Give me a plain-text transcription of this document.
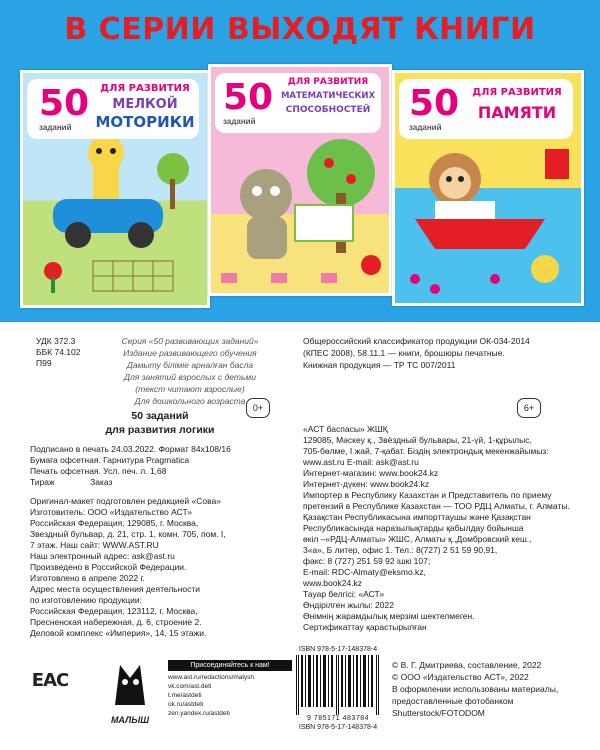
В СЕРИИ ВЫХОДЯТ КНИГИ
50
заданий
ДЛЯ РАЗВИТИЯ
МЕЛКОЙ
МОТОРИКИ
50
заданий
ДЛЯ РАЗВИТИЯ
МАТЕМАТИЧЕСКИХ
СПОСОБНОСТЕЙ 50
заданий
ДЛЯ РАЗВИТИЯ
ПАМЯТИ
УДК 372.3
ББК 74.102
П99
Серия «50 развивающих заданий»
Издание развивающего обучения
Дамыту біліміе арналған басла
Для занятий взрослых с детьми
(текст читают взрослые)
Для дошкольного возраста
0+	6+
50 заданий
для развития логики
Подписано в печать 24.03.2022. Формат 84х108/16
Бумага офсетная. Гарнитура Pragmatica
Печать офсетная. Усл. печ. л. 1,68
Тираж               Заказ
Оригинал-макет подготовлен редакцией «Сова»
Изготовитель: ООО «Издательство АСТ»
Российская Федерация, 129085, г. Москва,
Звездный бульвар, д. 21, стр. 1, комн. 705, пом. I,
7 этаж. Наш сайт: WWW.AST.RU
Наш электронный адрес: ask@ast.ru
Произведено в Российской Федерации.
Изготовлено в апреле 2022 г.
Адрес места осуществления деятельности
по изготовлению продукции:
Российская Федерация, 123112, г. Москва,
Пресненская набережная, д. 6, строение 2.
Деловой комплекс «Империя», 14, 15 этажи.
Общероссийский классификатор продукции ОК-034-2014
(КПЕС 2008), 58.11.1 — книги, брошюры печатные.
Книжная продукция — ТР ТС 007/2011
«АСТ баспасы» ЖШҚ
129085, Мәскеу қ., Звёздный бульвары, 21-үй, 1-құрылыс,
705-бөлме, I жай, 7-қабат. Біздің электрондық мекенжайымыз:
www.ast.ru E-mail: ask@ast.ru
Интернет-магазин: www.book24.kz
Интернет-дүкен: www.book24.kz
Импортер в Республику Казахстан и Представитель по приему
претензий в Республике Казахстан — ТОО РДЦ Алматы, г. Алматы.
Қазақстан Республикасына импорттаушы және Қазақстан
Республикасында наразылықтарды қабылдау бойынша
өкіл –«РДЦ-Алматы» ЖШС, Алматы қ.,Домбровский кеш.,
3«а», Б литер, офис 1. Тел.: 8(727) 2 51 59 90,91,
факс: 8 (727) 251 59 92 ішкі 107;
E-mail: RDC-Almaty@eksmo.kz,
www.book24.kz
Тауар белгісі: «АСТ»
Өндірілген жылы: 2022
Өнімнің жарамдылық мерзімі шектелмеген.
Сертификаттау қарастырылған
EAC
МАЛЫШ
Присоединяйтесь к нам!
www.ast.ru/redactions/malysh
vk.com/ast.deti
t.me/astdeti
ok.ru/astdeti
zen.yandex.ru/astdeti
ISBN 978-5-17-148378-4
9 785171 483784
ISBN 978-5-17-148378-4
© В. Г. Дмитриева, составление, 2022
© ООО «Издательство АСТ», 2022
В оформлении использованы материалы,
предоставленные фотобанком
Shutterstock/FOTODOM
